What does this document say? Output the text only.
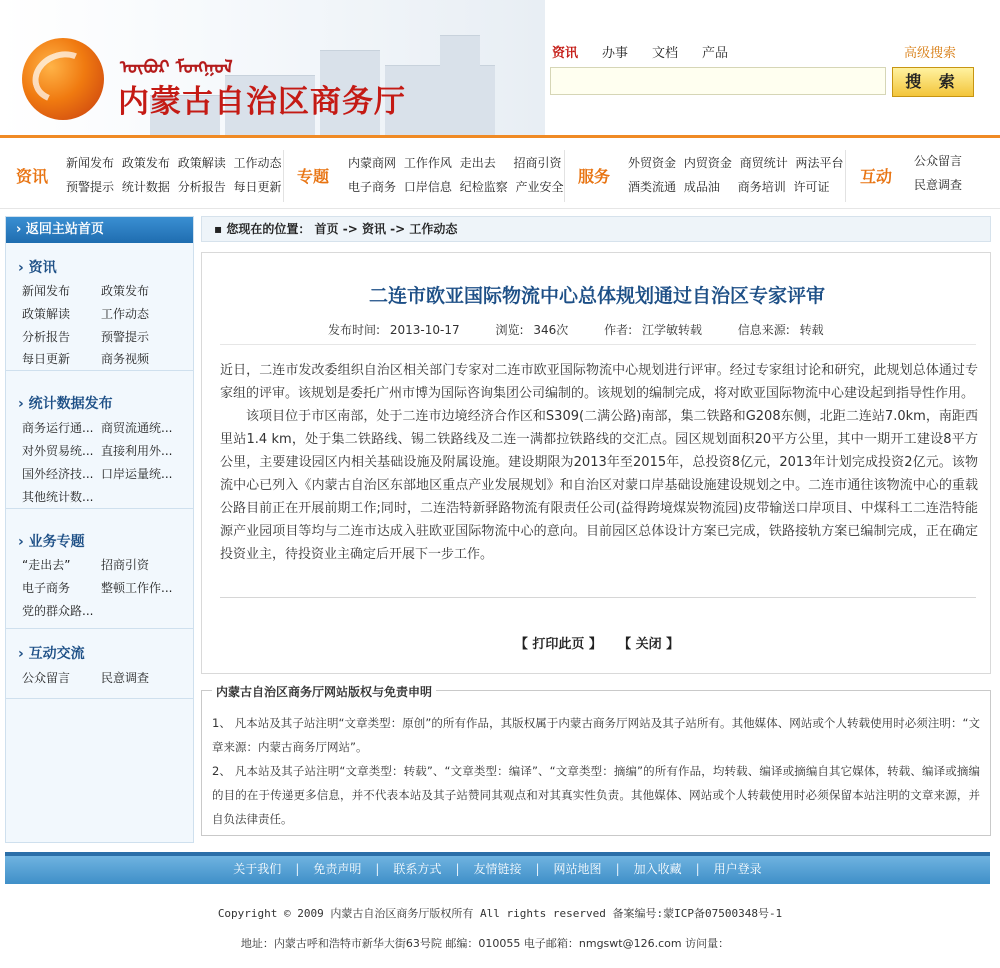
ᠥᠪᠦᠷ ᠮᠣᠩᠭᠣᠯ
内蒙古自治区商务厅
资讯 办事 文档 产品	高级搜索
搜 索
资讯
新闻发布 政策发布 政策解读 工作动态
预警提示 统计数据 分析报告 每日更新
专题
内蒙商网 工作作风 走出去 招商引资
电子商务 口岸信息 纪检监察 产业安全
服务
外贸资金 内贸资金 商贸统计 两法平台
酒类流通 成品油 商务培训 许可证
互动
公众留言
民意调查
› 返回主站首页
› 资讯
新闻发布	政策发布
政策解读	工作动态
分析报告	预警提示
每日更新	商务视频
› 统计数据发布
商务运行通... 商贸流通统...
对外贸易统... 直接利用外...
国外经济技... 口岸运量统...
其他统计数...
› 业务专题
“走出去”	招商引资
电子商务	整顿工作作...
党的群众路...
› 互动交流
公众留言	民意调查
▪ 您现在的位置： 首页 -> 资讯 -> 工作动态
二连市欧亚国际物流中心总体规划通过自治区专家评审
发布时间: 2013-10-17	浏览: 346次	作者: 江学敏转载	信息来源: 转载

近日，二连市发改委组织自治区相关部门专家对二连市欧亚国际物流中心规划进行评审。经过专家组讨论和研究，此规划总体通过专家组的评审。该规划是委托广州市博为国际咨询集团公司编制的。该规划的编制完成，将对欧亚国际物流中心建设起到指导性作用。

该项目位于市区南部，处于二连市边境经济合作区和S309(二满公路)南部，集二铁路和G208东侧，北距二连站7.0km，南距西里站1.4 km，处于集二铁路线、锡二铁路线及二连一满都拉铁路线的交汇点。园区规划面积20平方公里，其中一期开工建设8平方公里，主要建设园区内相关基础设施及附属设施。建设期限为2013年至2015年，总投资8亿元，2013年计划完成投资2亿元。该物流中心已列入《内蒙古自治区东部地区重点产业发展规划》和自治区对蒙口岸基础设施建设规划之中。二连市通往该物流中心的重载公路目前正在开展前期工作;同时，二连浩特新驿路物流有限责任公司(益得跨境煤炭物流园)皮带输送口岸项目、中煤科工二连浩特能源产业园项目等均与二连市达成入驻欧亚国际物流中心的意向。目前园区总体设计方案已完成，铁路接轨方案已编制完成，正在确定投资业主，待投资业主确定后开展下一步工作。

【 打印此页 】 【 关闭 】
内蒙古自治区商务厅网站版权与免责申明
1、 凡本站及其子站注明“文章类型：原创”的所有作品，其版权属于内蒙古商务厅网站及其子站所有。其他媒体、网站或个人转载使用时必须注明：“文章来源：内蒙古商务厅网站”。
2、 凡本站及其子站注明“文章类型：转载”、“文章类型：编译”、“文章类型：摘编”的所有作品，均转载、编译或摘编自其它媒体，转载、编译或摘编的目的在于传递更多信息，并不代表本站及其子站赞同其观点和对其真实性负责。其他媒体、网站或个人转载使用时必须保留本站注明的文章来源，并自负法律责任。
关于我们 | 免责声明 | 联系方式 | 友情链接 | 网站地图 | 加入收藏 | 用户登录
Copyright © 2009 内蒙古自治区商务厅版权所有 All rights reserved 备案编号:蒙ICP备07500348号-1
地址：内蒙古呼和浩特市新华大街63号院 邮编：010055 电子邮箱：nmgswt@126.com 访问量：
